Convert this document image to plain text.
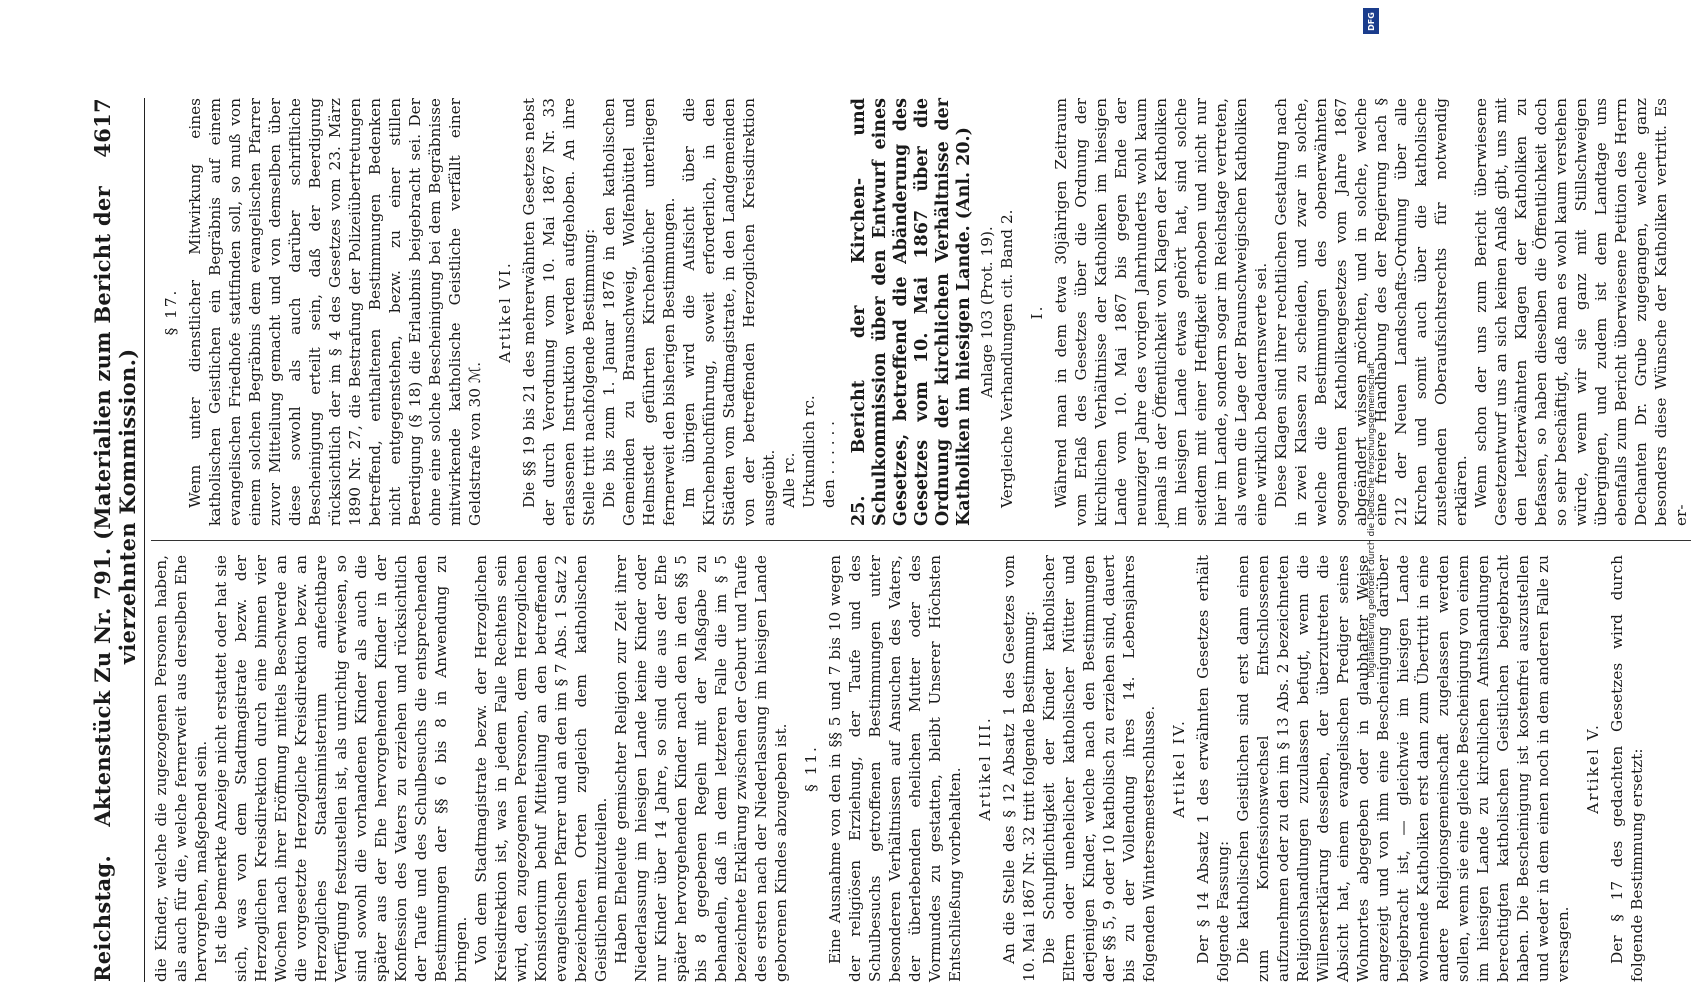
Reichstag.
Aktenstück Zu Nr. 791. (Materialien zum Bericht der vierzehnten Kommission.)
4617

die Kinder, welche die zugezogenen Personen haben, als auch für die, welche fernerweit aus derselben Ehe hervorgehen, maßgebend sein. Ist die bemerkte Anzeige nicht erstattet oder hat sie sich, was von dem Stadtmagistrate bezw. der Herzoglichen Kreisdirektion durch eine binnen vier Wochen nach ihrer Eröffnung mittels Beschwerde an die vorgesetzte Herzogliche Kreisdirektion bezw. an Herzogliches Staatsministerium anfechtbare Verfügung festzustellen ist, als unrichtig erwiesen, so sind sowohl die vorhandenen Kinder als auch die später aus der Ehe hervorgehenden Kinder in der Konfession des Vaters zu erziehen und rücksichtlich der Taufe und des Schulbesuchs die entsprechenden Bestimmungen der §§ 6 bis 8 in Anwendung zu bringen. Von dem Stadtmagistrate bezw. der Herzoglichen Kreisdirektion ist, was in jedem Falle Rechtens sein wird, den zugezogenen Personen, dem Herzoglichen Konsistorium behuf Mitteilung an den betreffenden evangelischen Pfarrer und an den im § 7 Abs. 1 Satz 2 bezeichneten Orten zugleich dem katholischen Geistlichen mitzuteilen. Haben Eheleute gemischter Religion zur Zeit ihrer Niederlassung im hiesigen Lande keine Kinder oder nur Kinder über 14 Jahre, so sind die aus der Ehe später hervorgehenden Kinder nach den in den §§ 5 bis 8 gegebenen Regeln mit der Maßgabe zu behandeln, daß in dem letzteren Falle die im § 5 bezeichnete Erklärung zwischen der Geburt und Taufe des ersten nach der Niederlassung im hiesigen Lande geborenen Kindes abzugeben ist. § 11. Eine Ausnahme von den in §§ 5 und 7 bis 10 wegen der religiösen Erziehung, der Taufe und des Schulbesuchs getroffenen Bestimmungen unter besonderen Verhältnissen auf Ansuchen des Vaters, der überlebenden ehelichen Mutter oder des Vormundes zu gestatten, bleibt Unserer Höchsten Entschließung vorbehalten. Artikel III. An die Stelle des § 12 Absatz 1 des Gesetzes vom 10. Mai 1867 Nr. 32 tritt folgende Bestimmung: Die Schulpflichtigkeit der Kinder katholischer Eltern oder unehelicher katholischer Mütter und derjenigen Kinder, welche nach den Bestimmungen der §§ 5, 9 oder 10 katholisch zu erziehen sind, dauert bis zu der Vollendung ihres 14. Lebensjahres folgenden Wintersemesterschlusse. Artikel IV. Der § 14 Absatz 1 des erwähnten Gesetzes erhält folgende Fassung: Die katholischen Geistlichen sind erst dann einen zum Konfessionswechsel Entschlossenen aufzunehmen oder zu den im § 13 Abs. 2 bezeichneten Religionshandlungen zuzulassen befugt, wenn die Willenserklärung desselben, der überzutreten die Absicht hat, einem evangelischen Prediger seines Wohnortes abgegeben oder in glaubhafter Weise angezeigt und von ihm eine Bescheinigung darüber beigebracht ist, — gleichwie im hiesigen Lande wohnende Katholiken erst dann zum Übertritt in eine andere Religionsgemeinschaft zugelassen werden sollen, wenn sie eine gleiche Bescheinigung von einem im hiesigen Lande zu kirchlichen Amtshandlungen berechtigten katholischen Geistlichen beigebracht haben. Die Bescheinigung ist kostenfrei auszustellen und weder in dem einen noch in dem anderen Falle zu versagen.

Artikel V. Der § 17 des gedachten Gesetzes wird durch folgende Bestimmung ersetzt:

§ 17. Wenn unter dienstlicher Mitwirkung eines katholischen Geistlichen ein Begräbnis auf einem evangelischen Friedhofe stattfinden soll, so muß von einem solchen Begräbnis dem evangelischen Pfarrer zuvor Mitteilung gemacht und von demselben über diese sowohl als auch darüber schriftliche Bescheinigung erteilt sein, daß der Beerdigung rücksichtlich der im § 4 des Gesetzes vom 23. März 1890 Nr. 27, die Bestrafung der Polizeiübertretungen betreffend, enthaltenen Bestimmungen Bedenken nicht entgegenstehen, bezw. zu einer stillen Beerdigung (§ 18) die Erlaubnis beigebracht sei. Der ohne eine solche Bescheinigung bei dem Begräbnisse mitwirkende katholische Geistliche verfällt einer Geldstrafe von 30 ℳ.

Artikel VI. Die §§ 19 bis 21 des mehrerwähnten Gesetzes nebst der durch Verordnung vom 10. Mai 1867 Nr. 33 erlassenen Instruktion werden aufgehoben. An ihre Stelle tritt nachfolgende Bestimmung: Die bis zum 1. Januar 1876 in den katholischen Gemeinden zu Braunschweig, Wolfenbüttel und Helmstedt geführten Kirchenbücher unterliegen fernerweit den bisherigen Bestimmungen. Im übrigen wird die Aufsicht über die Kirchenbuchführung, soweit erforderlich, in den Städten vom Stadtmagistrate, in den Landgemeinden von der betreffenden Herzoglichen Kreisdirektion ausgeübt. Alle rc. Urkundlich rc. den . . . . . . 25. Bericht der Kirchen- und Schulkommission über den Entwurf eines Gesetzes, betreffend die Abänderung des Gesetzes vom 10. Mai 1867 über die Ordnung der kirchlichen Verhältnisse der Katholiken im hiesigen Lande. (Anl. 20.) Anlage 103 (Prot. 19). Vergleiche Verhandlungen cit. Band 2. I. Während man in dem etwa 30jährigen Zeitraum vom Erlaß des Gesetzes über die Ordnung der kirchlichen Verhältnisse der Katholiken im hiesigen Lande vom 10. Mai 1867 bis gegen Ende der neunziger Jahre des vorigen Jahrhunderts wohl kaum jemals in der Öffentlichkeit von Klagen der Katholiken im hiesigen Lande etwas gehört hat, sind solche seitdem mit einer Heftigkeit erhoben und nicht nur hier im Lande, sondern sogar im Reichstage vertreten, als wenn die Lage der Braunschweigischen Katholiken eine wirklich bedauernswerte sei. Diese Klagen sind ihrer rechtlichen Gestaltung nach in zwei Klassen zu scheiden, und zwar in solche, welche die Bestimmungen des obenerwähnten sogenannten Katholikengesetzes vom Jahre 1867 abgeändert wissen möchten, und in solche, welche eine freiere Handhabung des der Regierung nach § 212 der Neuen Landschafts-Ordnung über alle Kirchen und somit auch über die katholische zustehenden Oberaufsichtsrechts für notwendig erklären. Wenn schon der uns zum Bericht überwiesene Gesetzentwurf uns an sich keinen Anlaß gibt, uns mit den letzterwähnten Klagen der Katholiken zu befassen, so haben dieselben die Öffentlichkeit doch so sehr beschäftigt, daß man es wohl kaum verstehen würde, wenn wir sie ganz mit Stillschweigen übergingen, und zudem ist dem Landtage uns ebenfalls zum Bericht überwiesene Petition des Herrn Dechanten Dr. Grube zugegangen, welche ganz besonders diese Wünsche der Katholiken vertritt. Es er-

DFG
Digitalisierung gefördert durch die Deutsche Forschungsgemeinschaft
